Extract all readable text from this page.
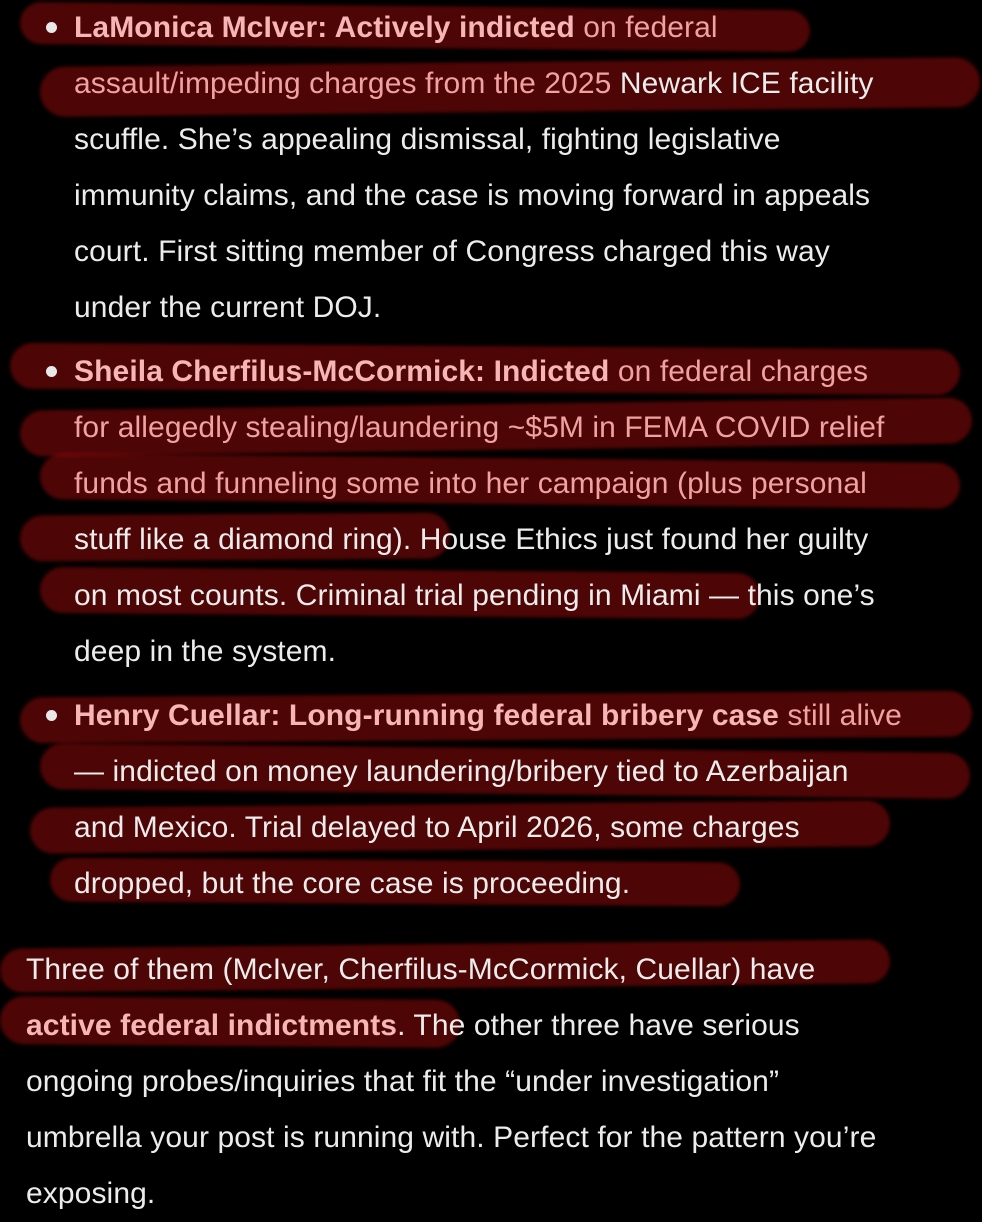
LaMonica McIver: Actively indicted on federal
assault/impeding charges from the 2025 Newark ICE facility
scuffle. She’s appealing dismissal, fighting legislative
immunity claims, and the case is moving forward in appeals
court. First sitting member of Congress charged this way
under the current DOJ.
Sheila Cherfilus-McCormick: Indicted on federal charges
for allegedly stealing/laundering ~$5M in FEMA COVID relief
funds and funneling some into her campaign (plus personal
stuff like a diamond ring). House Ethics just found her guilty
on most counts. Criminal trial pending in Miami — this one’s
deep in the system.
Henry Cuellar: Long-running federal bribery case still alive
— indicted on money laundering/bribery tied to Azerbaijan
and Mexico. Trial delayed to April 2026, some charges
dropped, but the core case is proceeding.
Three of them (McIver, Cherfilus-McCormick, Cuellar) have
active federal indictments. The other three have serious
ongoing probes/inquiries that fit the “under investigation”
umbrella your post is running with. Perfect for the pattern you’re
exposing.
